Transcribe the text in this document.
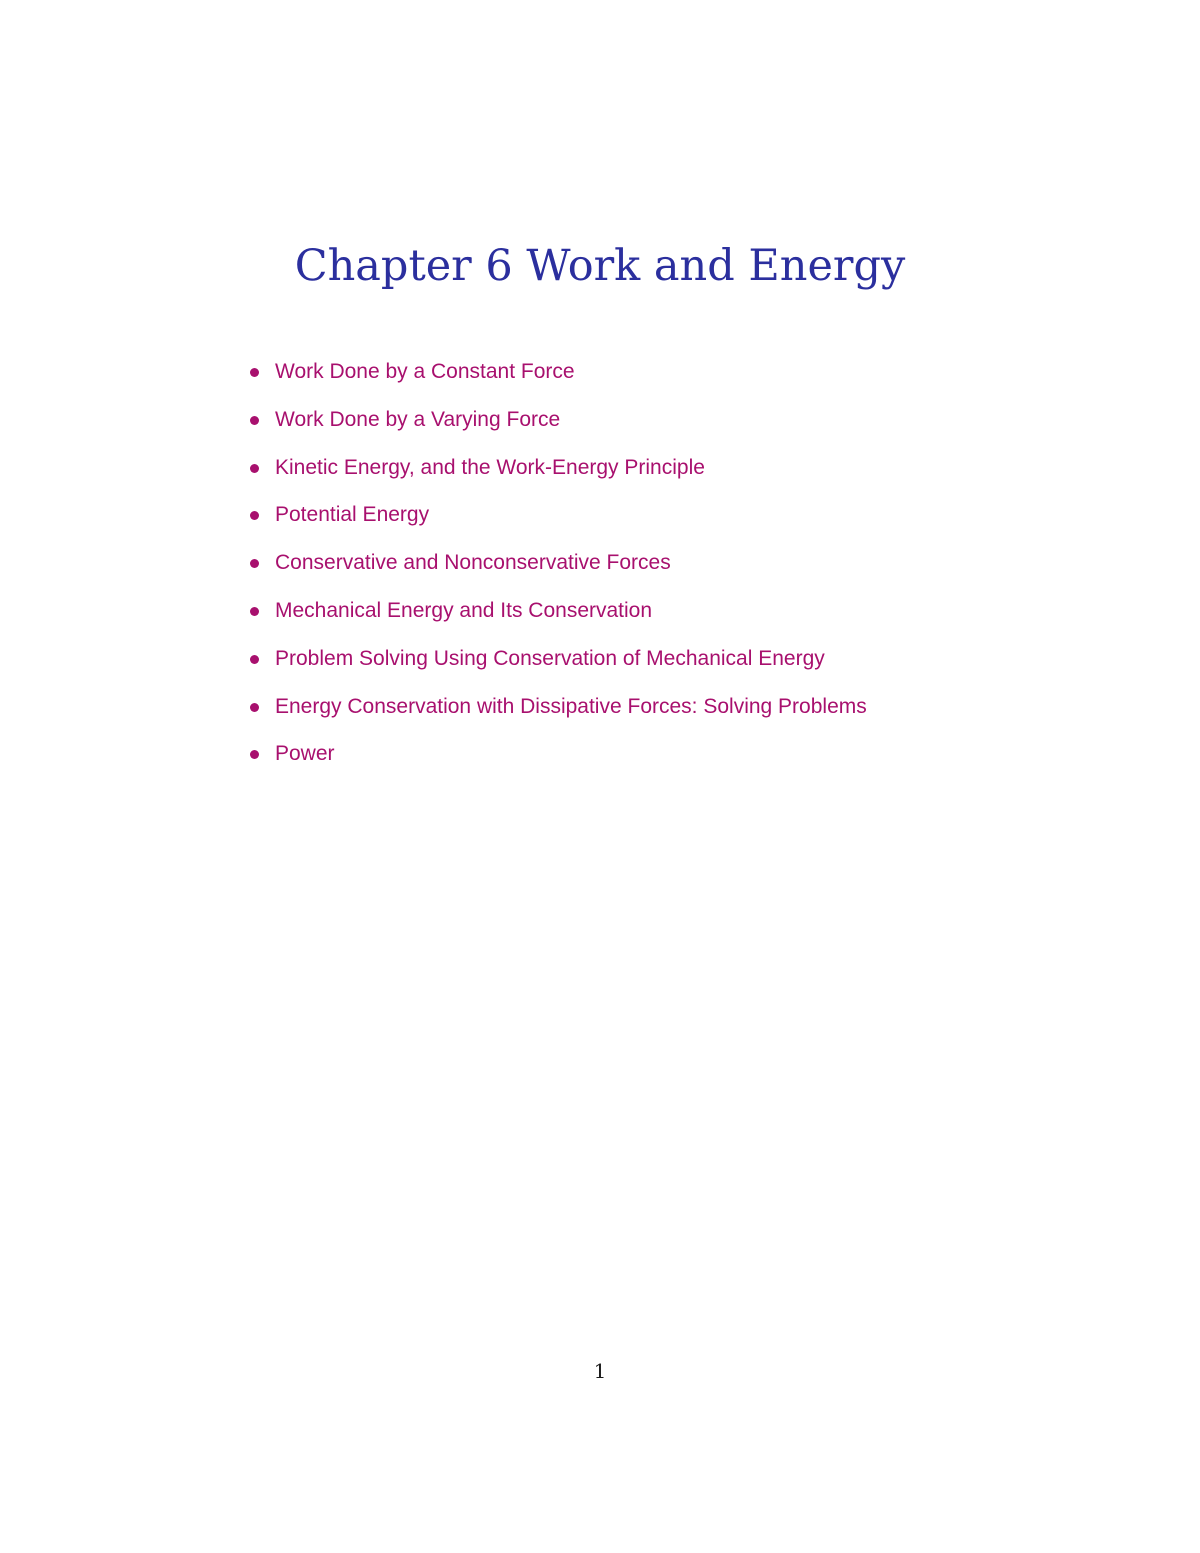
Chapter 6 Work and Energy
Work Done by a Constant Force
Work Done by a Varying Force
Kinetic Energy, and the Work-Energy Principle
Potential Energy
Conservative and Nonconservative Forces
Mechanical Energy and Its Conservation
Problem Solving Using Conservation of Mechanical Energy
Energy Conservation with Dissipative Forces: Solving Problems
Power
1
